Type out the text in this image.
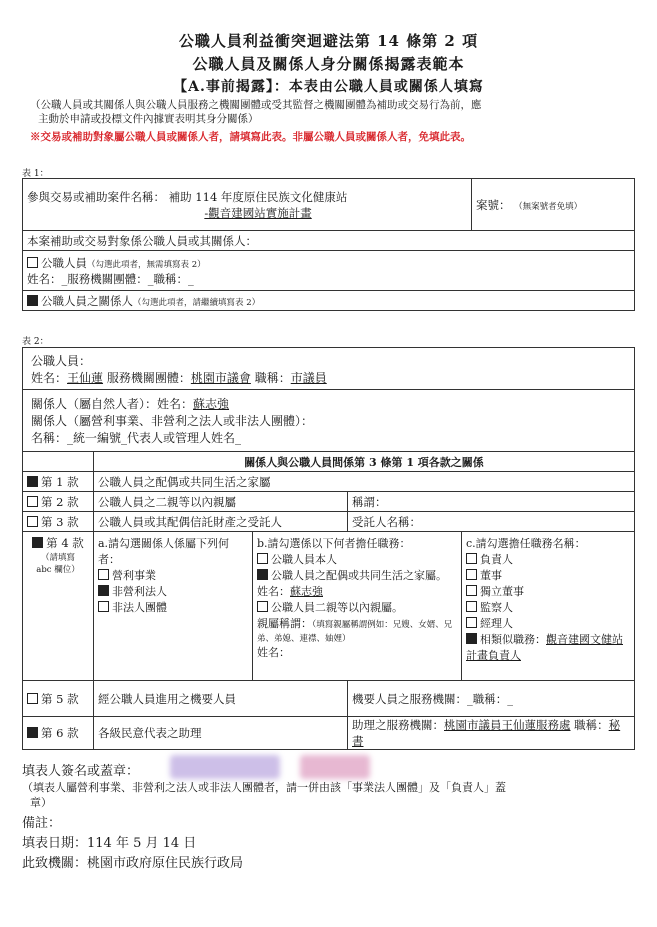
公職人員利益衝突迴避法第 14 條第 2 項
公職人員及關係人身分關係揭露表範本
【A.事前揭露】：本表由公職人員或關係人填寫
（公職人員或其關係人與公職人員服務之機關團體或受其監督之機關團體為補助或交易行為前，應
主動於申請或投標文件內據實表明其身分關係）
※交易或補助對象屬公職人員或關係人者，請填寫此表。非屬公職人員或關係人者，免填此表。
表 1：
參與交易或補助案件名稱： 補助 114 年度原住民族文化健康站
-觀音建國站實施計畫	案號： （無案號者免填）
本案補助或交易對象係公職人員或其關係人：

公職人員（勾選此項者，無需填寫表 2）
姓名：_服務機關團體：_職稱：_

公職人員之關係人（勾選此項者，請繼續填寫表 2）
表 2：
公職人員：
姓名：王仙蓮 服務機關團體：桃園市議會 職稱：市議員

關係人（屬自然人者）：姓名：蘇志強
關係人（屬營利事業、非營利之法人或非法人團體）：
名稱：_統一編號_代表人或管理人姓名_

	關係人與公職人員間係第 3 條第 1 項各款之關係
第 1 款	公職人員之配偶或共同生活之家屬
第 2 款	公職人員之二親等以內親屬	稱謂：
第 3 款	公職人員或其配偶信託財產之受託人	受託人名稱：

第 4 款
（請填寫 abc 欄位）

a.請勾選關係人係屬下列何者：
營利事業
非營利法人
非法人團體

b.請勾選係以下何者擔任職務：
公職人員本人
公職人員之配偶或共同生活之家屬。姓名：蘇志強
公職人員二親等以內親屬。
親屬稱謂：（填寫親屬稱謂例如：兄嫂、女婿、兄弟、弟媳、連襟、妯娌）
姓名：

c.請勾選擔任職務名稱：
負責人
董事
獨立董事
監察人
經理人
相類似職務：觀音建國文健站計畫負責人

第 5 款	經公職人員進用之機要人員	機要人員之服務機關：_職稱：_
第 6 款	各級民意代表之助理	助理之服務機關：桃園市議員王仙蓮服務處 職稱：秘書
填表人簽名或蓋章：
（填表人屬營利事業、非營利之法人或非法人團體者，請一併由該「事業法人團體」及「負責人」蓋
章）
備註：
填表日期：114 年 5 月 14 日
此致機關：桃園市政府原住民族行政局
